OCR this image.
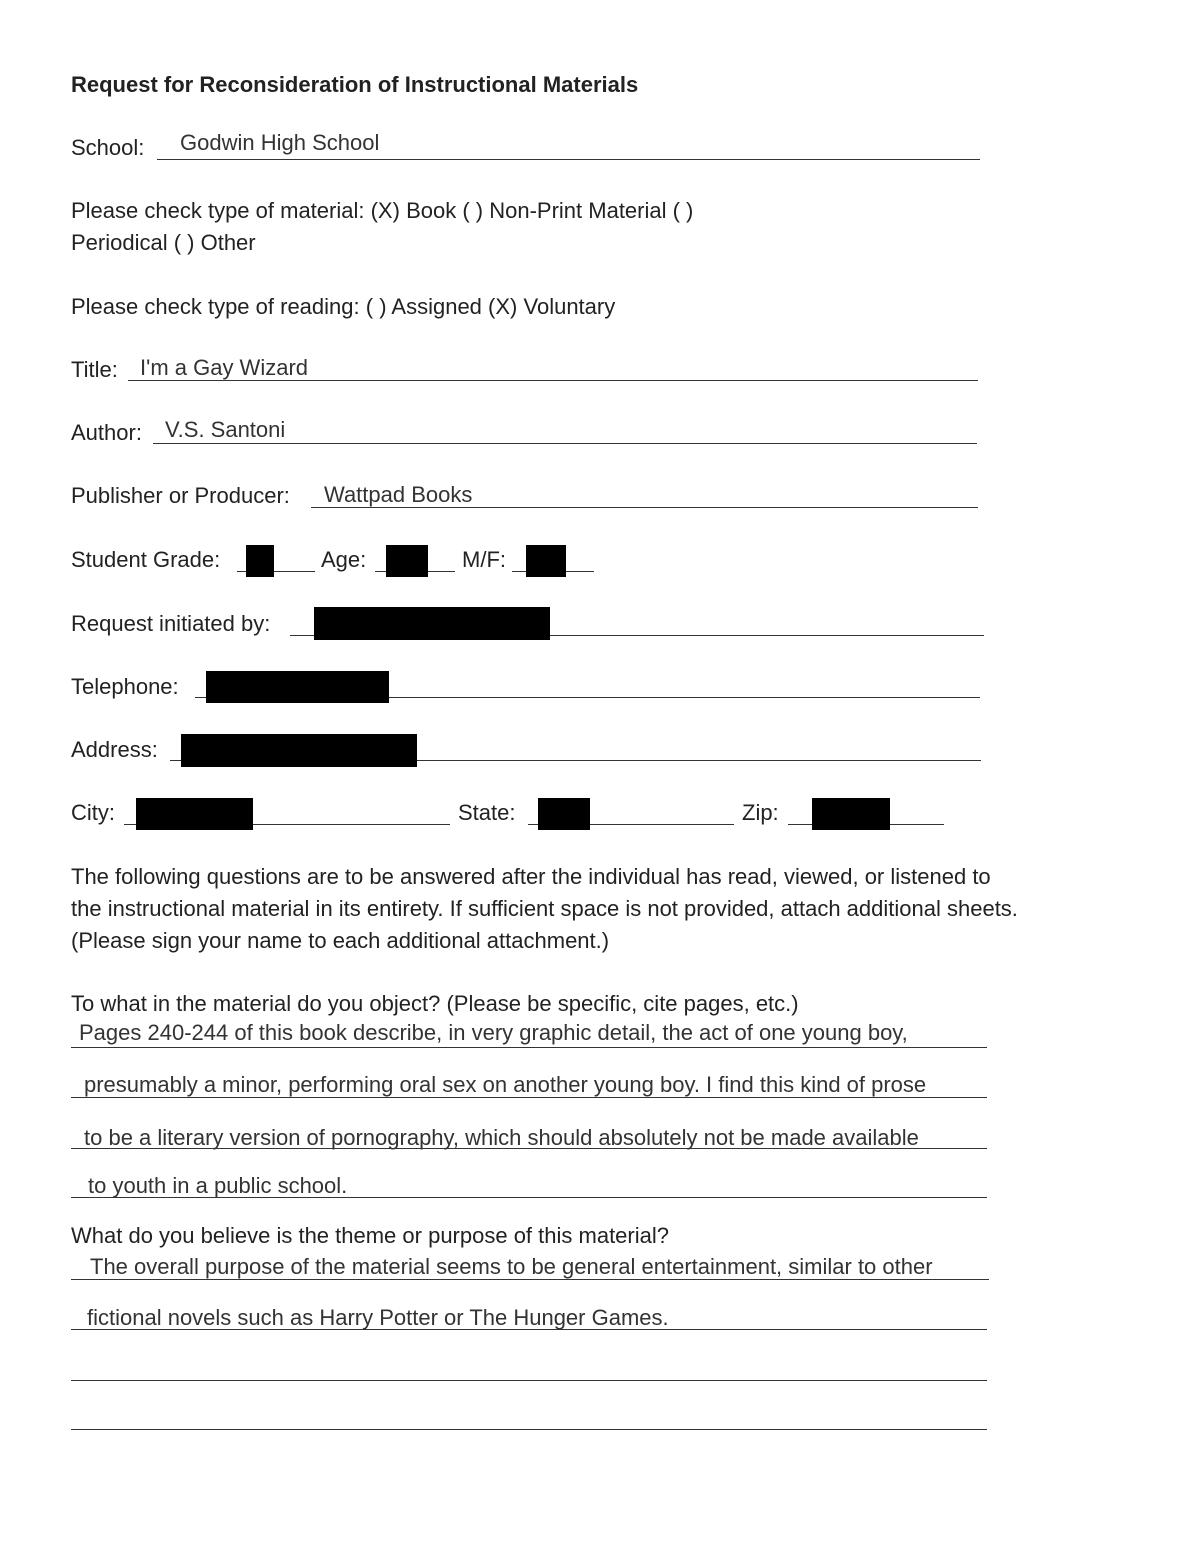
Request for Reconsideration of Instructional Materials
School: Godwin High School
Please check type of material: (X) Book ( ) Non-Print Material ( )
Periodical ( ) Other
Please check type of reading: ( ) Assigned (X) Voluntary
Title: I'm a Gay Wizard
Author: V.S. Santoni
Publisher or Producer: Wattpad Books
Student Grade:	Age:	M/F:
Request initiated by:
Telephone:
Address:
City:	State:	Zip:
The following questions are to be answered after the individual has read, viewed, or listened to
the instructional material in its entirety. If sufficient space is not provided, attach additional sheets.
(Please sign your name to each additional attachment.)
To what in the material do you object? (Please be specific, cite pages, etc.)
Pages 240-244 of this book describe, in very graphic detail, the act of one young boy,
presumably a minor, performing oral sex on another young boy. I find this kind of prose
to be a literary version of pornography, which should absolutely not be made available
to youth in a public school.
What do you believe is the theme or purpose of this material?
The overall purpose of the material seems to be general entertainment, similar to other
fictional novels such as Harry Potter or The Hunger Games.
